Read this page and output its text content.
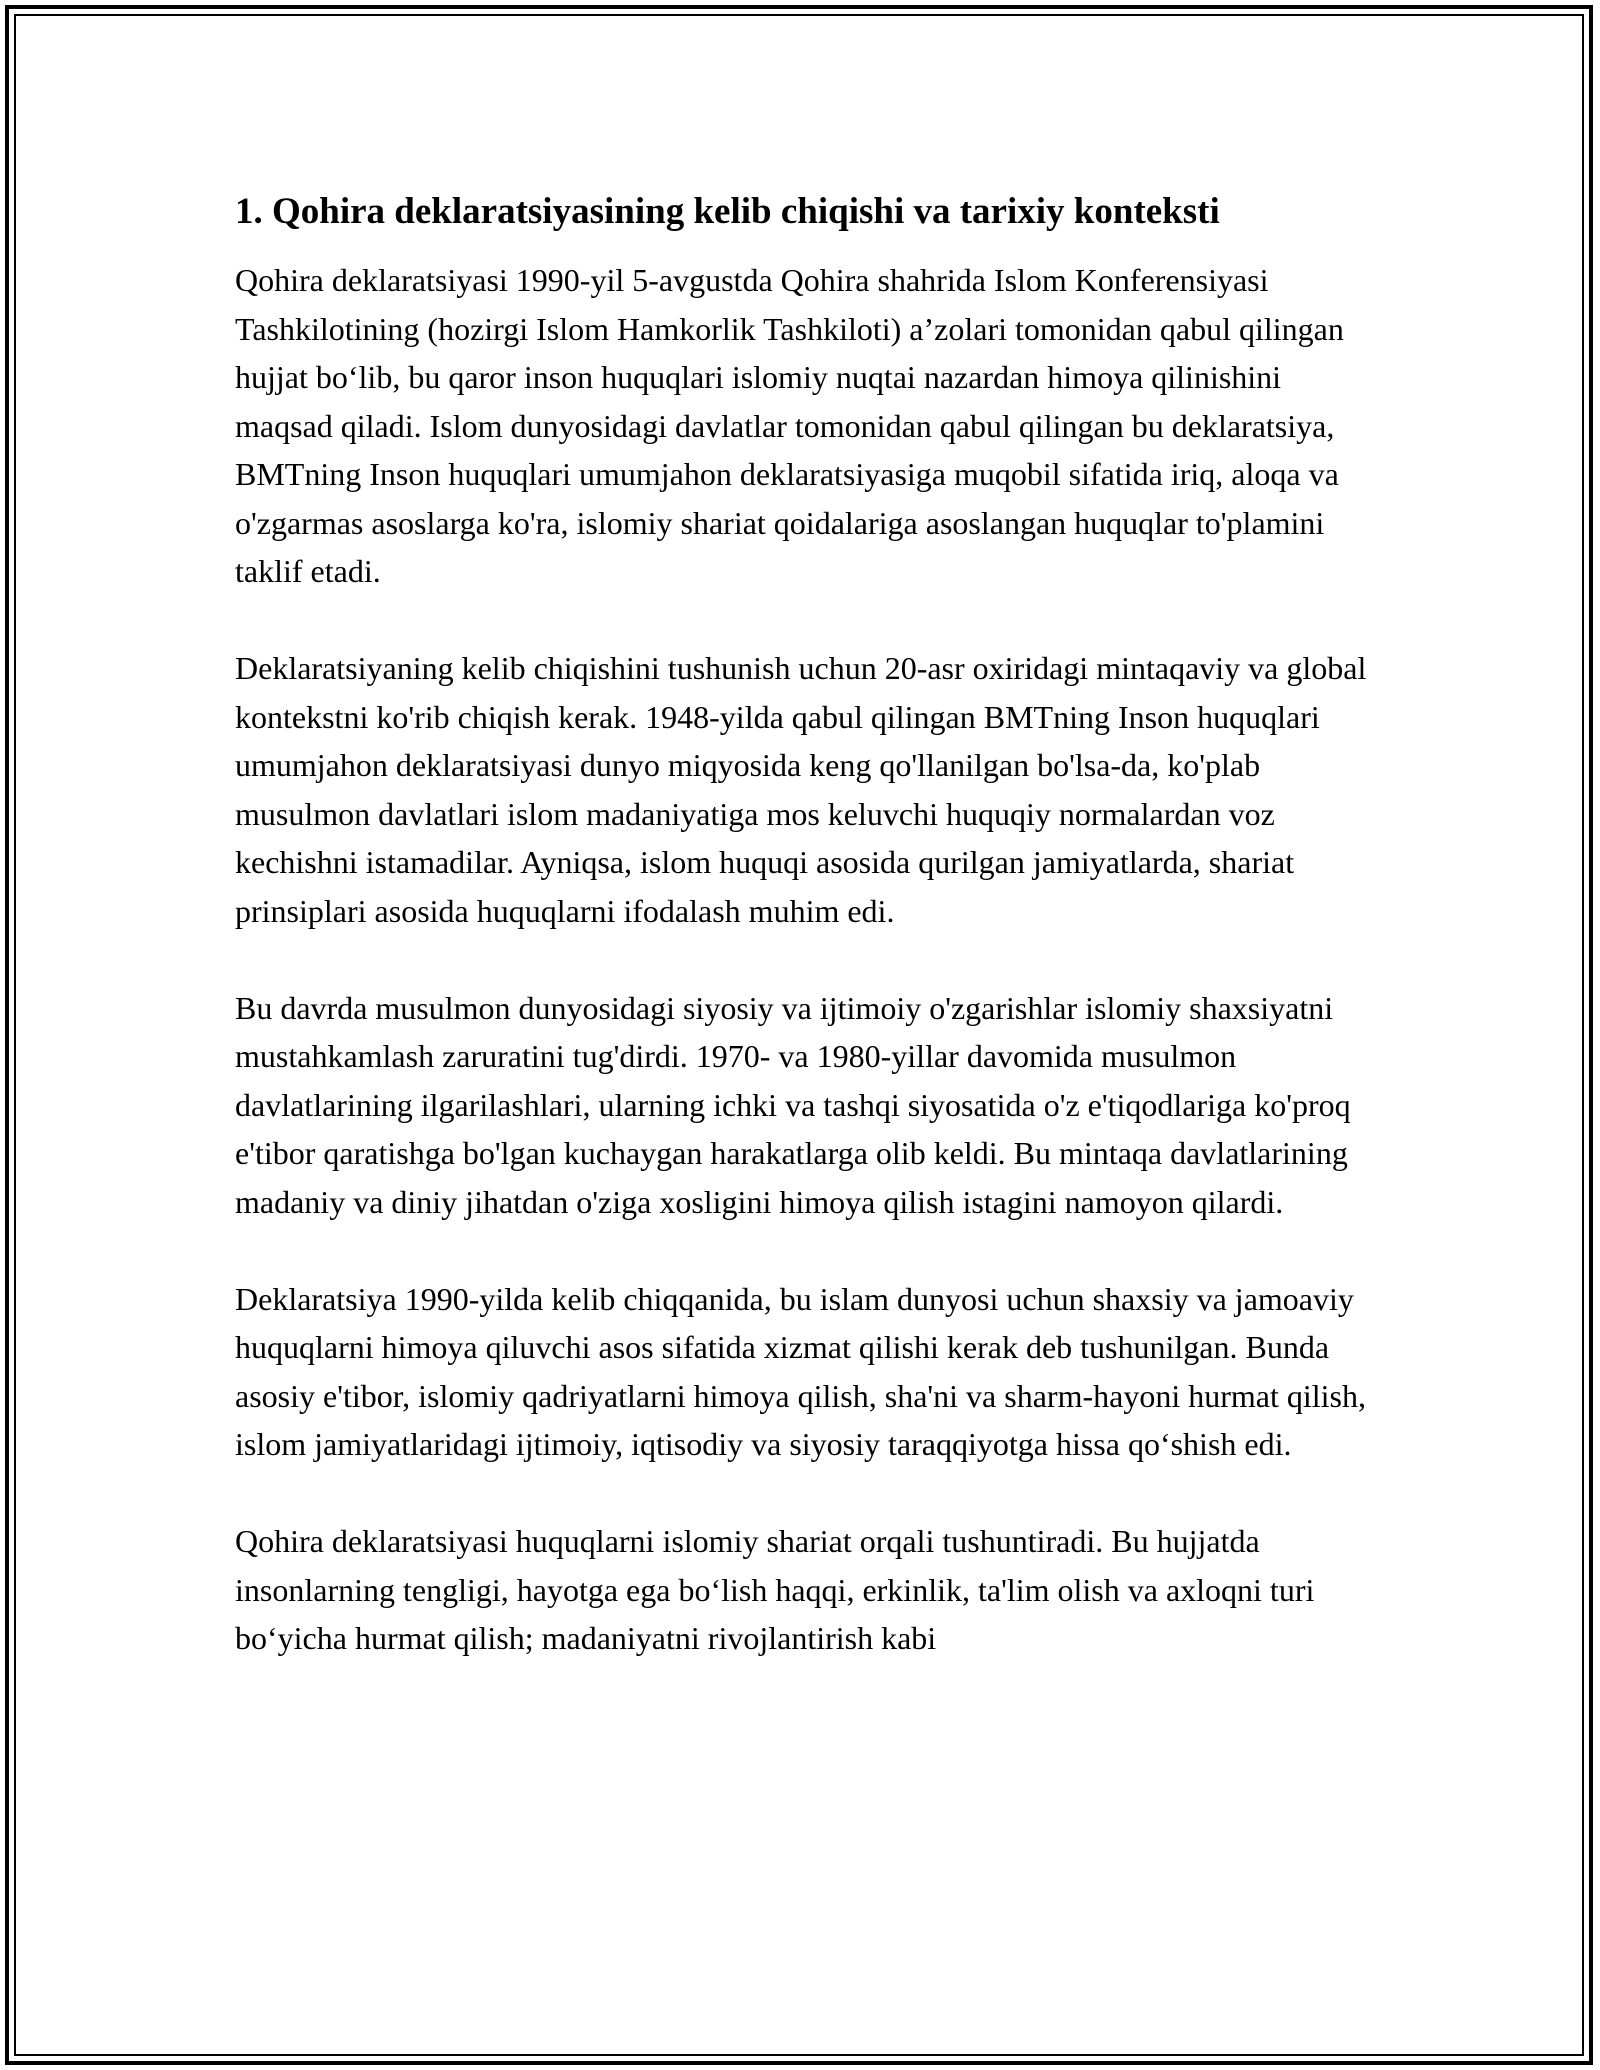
1. Qohira deklaratsiyasining kelib chiqishi va tarixiy konteksti

Qohira deklaratsiyasi 1990-yil 5-avgustda Qohira shahrida Islom Konferensiyasi Tashkilotining (hozirgi Islom Hamkorlik Tashkiloti) a’zolari tomonidan qabul qilingan hujjat bo‘lib, bu qaror inson huquqlari islomiy nuqtai nazardan himoya qilinishini maqsad qiladi. Islom dunyosidagi davlatlar tomonidan qabul qilingan bu deklaratsiya, BMTning Inson huquqlari umumjahon deklaratsiyasiga muqobil sifatida iriq, aloqa va o'zgarmas asoslarga ko'ra, islomiy shariat qoidalariga asoslangan huquqlar to'plamini taklif etadi.

Deklaratsiyaning kelib chiqishini tushunish uchun 20-asr oxiridagi mintaqaviy va global kontekstni ko'rib chiqish kerak. 1948-yilda qabul qilingan BMTning Inson huquqlari umumjahon deklaratsiyasi dunyo miqyosida keng qo'llanilgan bo'lsa-da, ko'plab musulmon davlatlari islom madaniyatiga mos keluvchi huquqiy normalardan voz kechishni istamadilar. Ayniqsa, islom huquqi asosida qurilgan jamiyatlarda, shariat prinsiplari asosida huquqlarni ifodalash muhim edi.

Bu davrda musulmon dunyosidagi siyosiy va ijtimoiy o'zgarishlar islomiy shaxsiyatni mustahkamlash zaruratini tug'dirdi. 1970- va 1980-yillar davomida musulmon davlatlarining ilgarilashlari, ularning ichki va tashqi siyosatida o'z e'tiqodlariga ko'proq e'tibor qaratishga bo'lgan kuchaygan harakatlarga olib keldi. Bu mintaqa davlatlarining madaniy va diniy jihatdan o'ziga xosligini himoya qilish istagini namoyon qilardi.

Deklaratsiya 1990-yilda kelib chiqqanida, bu islam dunyosi uchun shaxsiy va jamoaviy huquqlarni himoya qiluvchi asos sifatida xizmat qilishi kerak deb tushunilgan. Bunda asosiy e'tibor, islomiy qadriyatlarni himoya qilish, sha'ni va sharm-hayoni hurmat qilish, islom jamiyatlaridagi ijtimoiy, iqtisodiy va siyosiy taraqqiyotga hissa qo‘shish edi.

Qohira deklaratsiyasi huquqlarni islomiy shariat orqali tushuntiradi. Bu hujjatda insonlarning tengligi, hayotga ega bo‘lish haqqi, erkinlik, ta'lim olish va axloqni turi bo‘yicha hurmat qilish; madaniyatni rivojlantirish kabi
